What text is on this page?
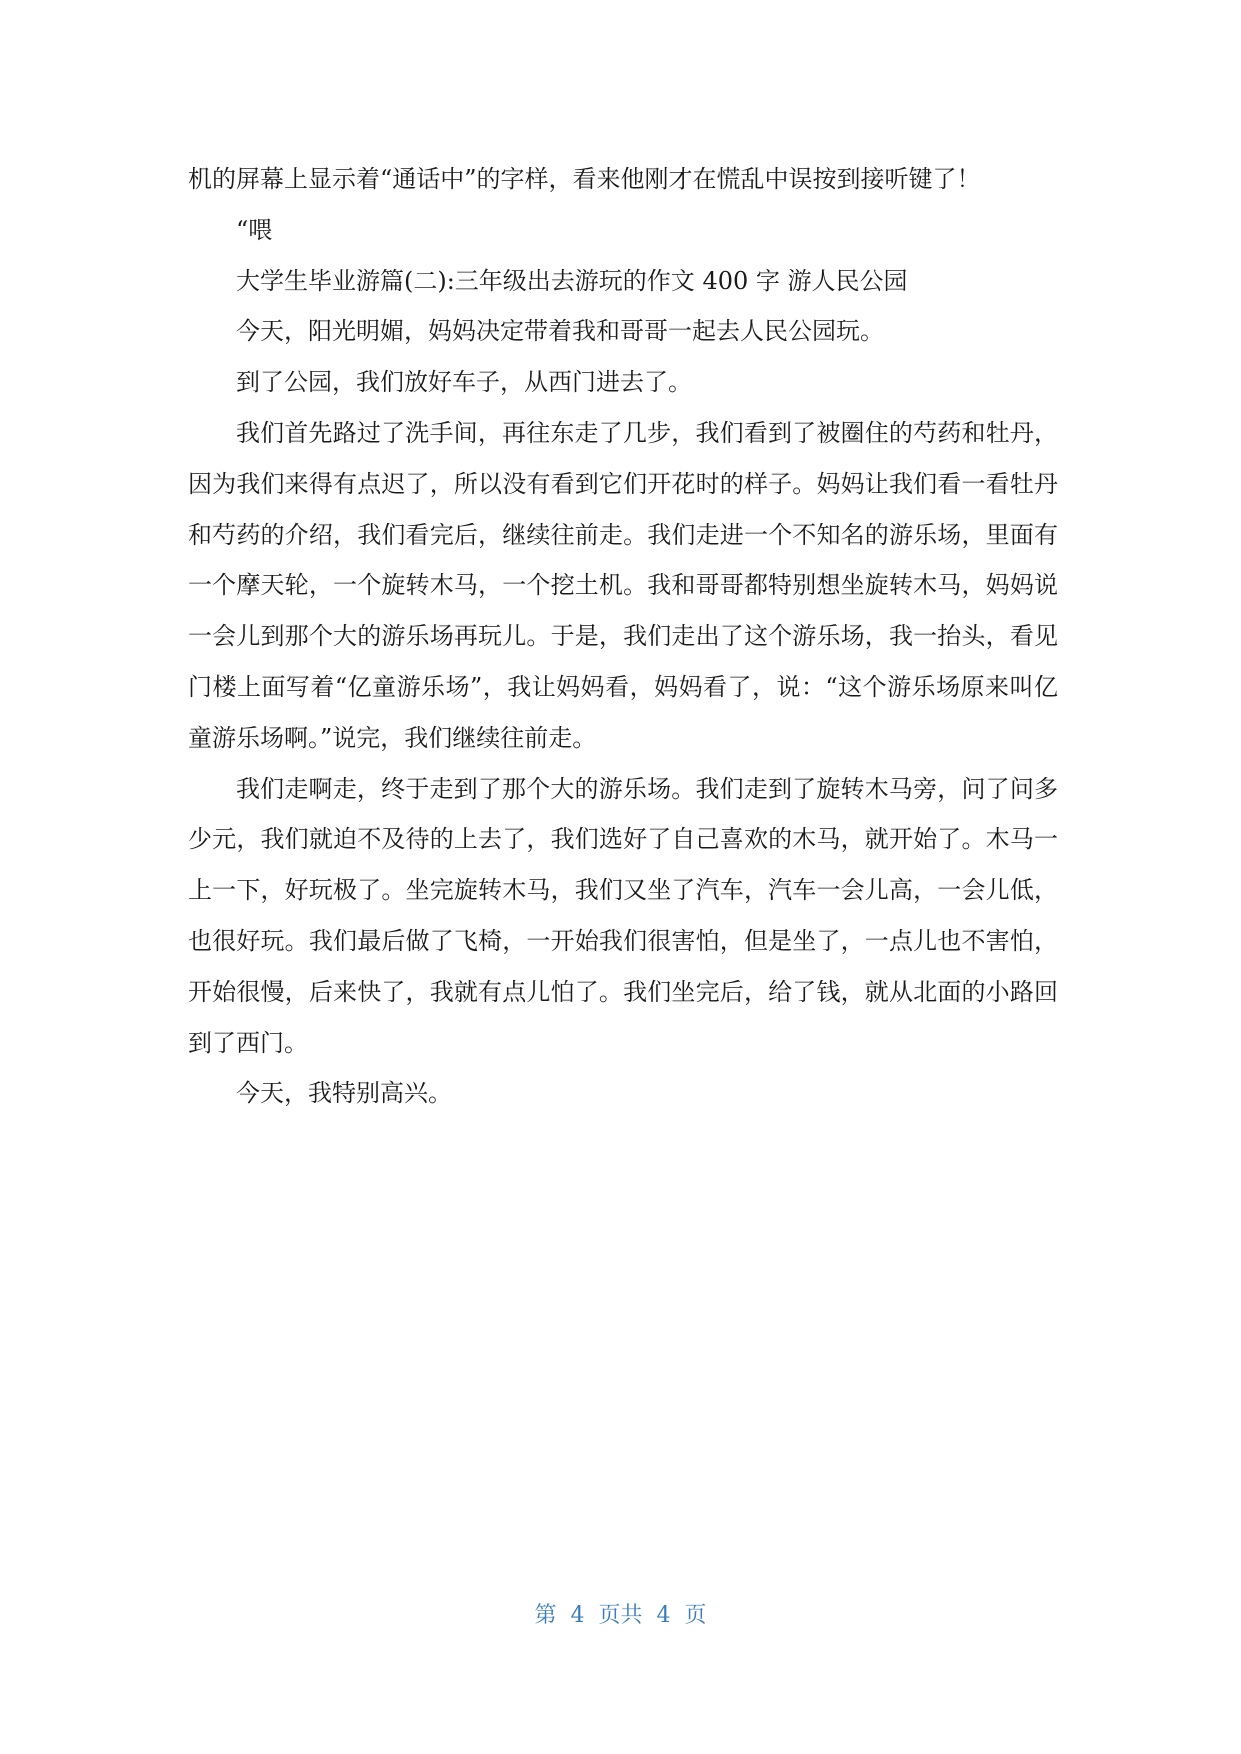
机的屏幕上显示着“通话中”的字样，看来他刚才在慌乱中误按到接听键了！

“喂

大学生毕业游篇(二):三年级出去游玩的作文 400 字 游人民公园

今天，阳光明媚，妈妈决定带着我和哥哥一起去人民公园玩。

到了公园，我们放好车子，从西门进去了。

我们首先路过了洗手间，再往东走了几步，我们看到了被圈住的芍药和牡丹，因为我们来得有点迟了，所以没有看到它们开花时的样子。妈妈让我们看一看牡丹和芍药的介绍，我们看完后，继续往前走。我们走进一个不知名的游乐场，里面有一个摩天轮，一个旋转木马，一个挖土机。我和哥哥都特别想坐旋转木马，妈妈说一会儿到那个大的游乐场再玩儿。于是，我们走出了这个游乐场，我一抬头，看见门楼上面写着“亿童游乐场”，我让妈妈看，妈妈看了，说：“这个游乐场原来叫亿童游乐场啊。”说完，我们继续往前走。

我们走啊走，终于走到了那个大的游乐场。我们走到了旋转木马旁，问了问多少元，我们就迫不及待的上去了，我们选好了自己喜欢的木马，就开始了。木马一上一下，好玩极了。坐完旋转木马，我们又坐了汽车，汽车一会儿高，一会儿低，也很好玩。我们最后做了飞椅，一开始我们很害怕，但是坐了，一点儿也不害怕，开始很慢，后来快了，我就有点儿怕了。我们坐完后，给了钱，就从北面的小路回到了西门。

今天，我特别高兴。

第 4 页共 4 页
